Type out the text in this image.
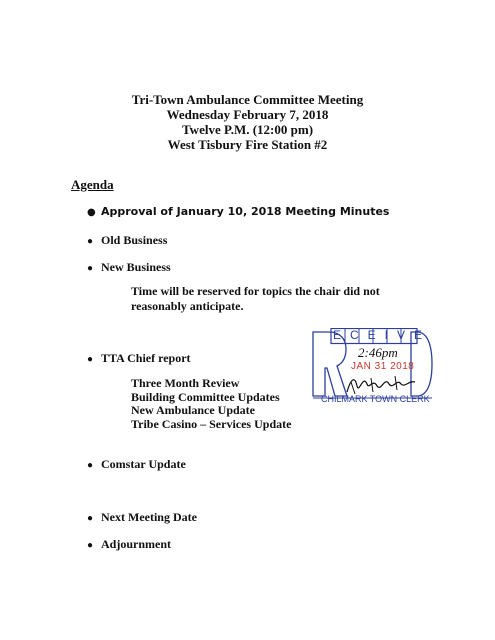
Tri-Town Ambulance Committee Meeting
Wednesday February 7, 2018
Twelve P.M. (12:00 pm)
West Tisbury Fire Station #2
Agenda
● Approval of January 10, 2018 Meeting Minutes
● Old Business
● New Business
Time will be reserved for topics the chair did not
reasonably anticipate.
● TTA Chief report
Three Month Review
Building Committee Updates
New Ambulance Update
Tribe Casino – Services Update
● Comstar Update
● Next Meeting Date
● Adjournment
ECEIVE
2:46pm
JAN 31 2018
CHILMARK TOWN CLERK
